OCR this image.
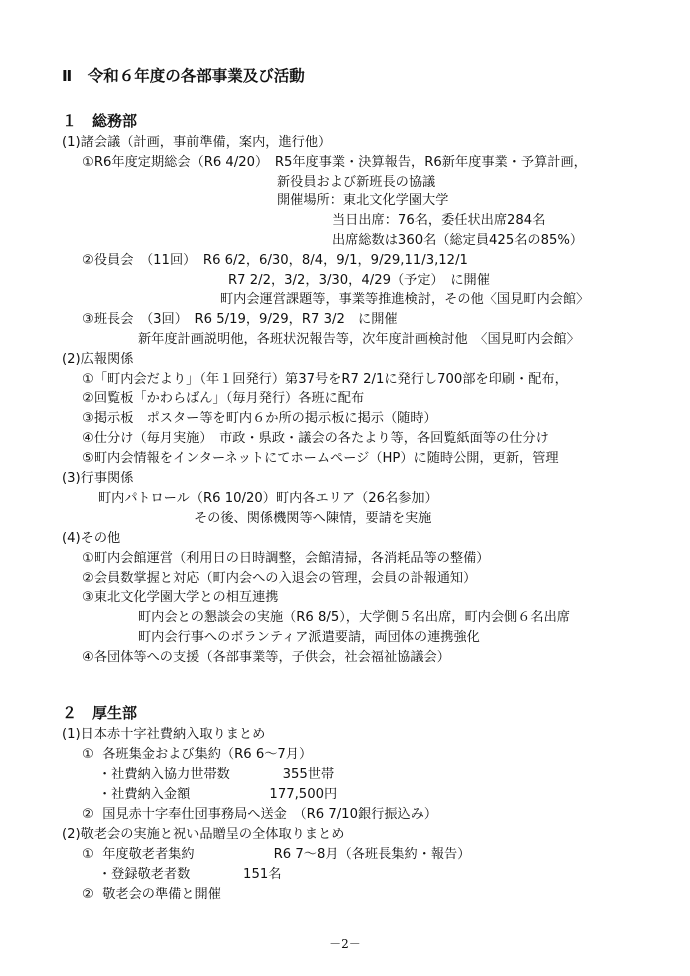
Ⅱ　令和６年度の各部事業及び活動
１　総務部
(1)諸会議（計画，事前準備，案内，進行他）
①R6年度定期総会（R6 4/20）　R5年度事業・決算報告，R6新年度事業・予算計画，
新役員および新班長の協議
開催場所：東北文化学園大学
当日出席：76名，委任状出席284名
出席総数は360名（総定員425名の85%）
②役員会　（11回）　R6 6/2，6/30，8/4，9/1，9/29,11/3,12/1
R7 2/2，3/2，3/30，4/29（予定）　に開催
町内会運営課題等，事業等推進検討，その他〈国見町内会館〉
③班長会　（3回）　R6 5/19，9/29，R7 3/2　に開催
新年度計画説明他，各班状況報告等，次年度計画検討他　〈国見町内会館〉
(2)広報関係
①「町内会だより」（年１回発行）第37号をR7 2/1に発行し700部を印刷・配布，
②回覧板「かわらばん」（毎月発行）各班に配布
③掲示板　ポスター等を町内６か所の掲示板に掲示（随時）
④仕分け（毎月実施）　市政・県政・議会の各たより等，各回覧紙面等の仕分け
⑤町内会情報をインターネットにてホームページ（HP）に随時公開，更新，管理
(3)行事関係
町内パトロール（R6 10/20）町内各エリア（26名参加）
その後、関係機関等へ陳情，要請を実施
(4)その他
①町内会館運営（利用日の日時調整，会館清掃，各消耗品等の整備）
②会員数掌握と対応（町内会への入退会の管理，会員の訃報通知）
③東北文化学園大学との相互連携
町内会との懇談会の実施（R6 8/5），大学側５名出席，町内会側６名出席
町内会行事へのボランティア派遣要請，両団体の連携強化
④各団体等への支援（各部事業等，子供会，社会福祉協議会）
２　厚生部
(1)日本赤十字社費納入取りまとめ
①  各班集金および集約（R6 6～7月）
・社費納入協力世帯数　　　　355世帯
・社費納入金額　　　　　　177,500円
②  国見赤十字奉仕団事務局へ送金　（R6 7/10銀行振込み）
(2)敬老会の実施と祝い品贈呈の全体取りまとめ
①  年度敬老者集約　　　　　　R6 7～8月（各班長集約・報告）
・登録敬老者数　　　　151名
②  敬老会の準備と開催
－2－
